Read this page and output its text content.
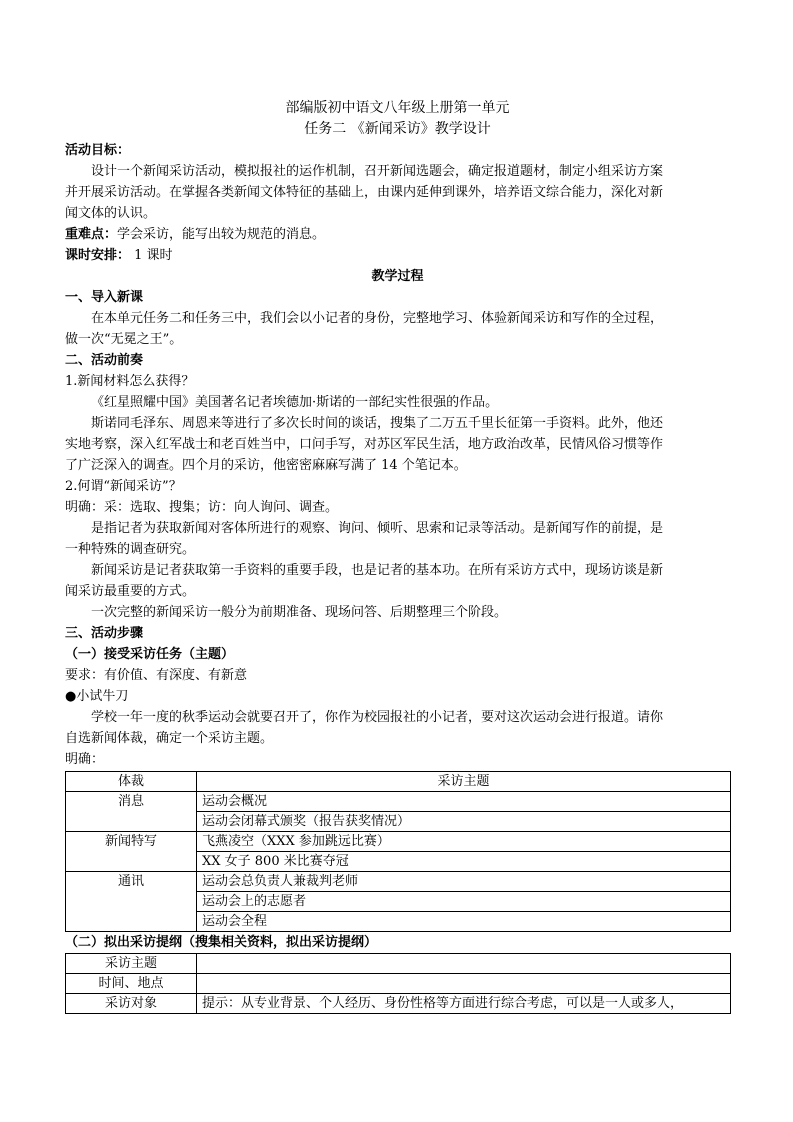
部编版初中语文八年级上册第一单元
任务二 《新闻采访》教学设计
活动目标：
设计一个新闻采访活动，模拟报社的运作机制，召开新闻选题会，确定报道题材，制定小组采访方案
并开展采访活动。在掌握各类新闻文体特征的基础上，由课内延伸到课外，培养语文综合能力，深化对新
闻文体的认识。
重难点：学会采访，能写出较为规范的消息。
课时安排： 1 课时
教学过程
一、导入新课
在本单元任务二和任务三中，我们会以小记者的身份，完整地学习、体验新闻采访和写作的全过程，
做一次“无冕之王”。
二、活动前奏
1.新闻材料怎么获得？
《红星照耀中国》美国著名记者埃德加·斯诺的一部纪实性很强的作品。
斯诺同毛泽东、周恩来等进行了多次长时间的谈话，搜集了二万五千里长征第一手资料。此外，他还
实地考察，深入红军战士和老百姓当中，口问手写，对苏区军民生活，地方政治改革，民情风俗习惯等作
了广泛深入的调查。四个月的采访，他密密麻麻写满了 14 个笔记本。
2.何谓“新闻采访”？
明确：采：选取、搜集；访：向人询问、调查。
是指记者为获取新闻对客体所进行的观察、询问、倾听、思索和记录等活动。是新闻写作的前提，是
一种特殊的调查研究。
新闻采访是记者获取第一手资料的重要手段，也是记者的基本功。在所有采访方式中，现场访谈是新
闻采访最重要的方式。
一次完整的新闻采访一般分为前期准备、现场问答、后期整理三个阶段。
三、活动步骤
（一）接受采访任务（主题）
要求：有价值、有深度、有新意
●小试牛刀
学校一年一度的秋季运动会就要召开了，你作为校园报社的小记者，要对这次运动会进行报道。请你
自选新闻体裁，确定一个采访主题。
明确：
体裁	采访主题
消息	运动会概况
	运动会闭幕式颁奖（报告获奖情况）
新闻特写	飞燕凌空（XXX 参加跳远比赛）
	XX 女子 800 米比赛夺冠
通讯	运动会总负责人兼裁判老师
	运动会上的志愿者
	运动会全程
（二）拟出采访提纲（搜集相关资料，拟出采访提纲）
采访主题	
时间、地点	
采访对象	提示：从专业背景、个人经历、身份性格等方面进行综合考虑，可以是一人或多人，
